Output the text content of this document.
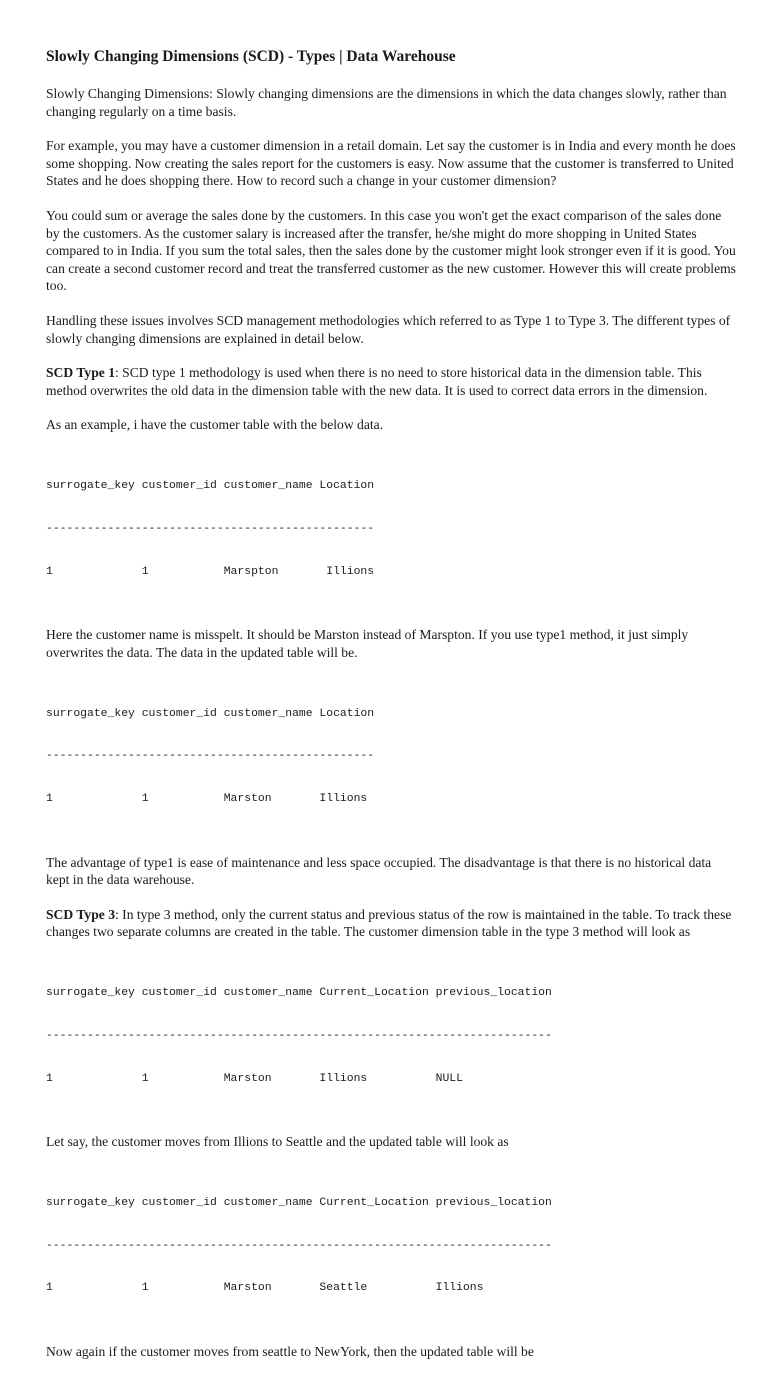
Slowly Changing Dimensions (SCD) - Types | Data Warehouse

Slowly Changing Dimensions: Slowly changing dimensions are the dimensions in which the data changes slowly, rather than changing regularly on a time basis.

For example, you may have a customer dimension in a retail domain. Let say the customer is in India and every month he does some shopping. Now creating the sales report for the customers is easy. Now assume that the customer is transferred to United States and he does shopping there. How to record such a change in your customer dimension?

You could sum or average the sales done by the customers. In this case you won't get the exact comparison of the sales done by the customers. As the customer salary is increased after the transfer, he/she might do more shopping in United States compared to in India. If you sum the total sales, then the sales done by the customer might look stronger even if it is good. You can create a second customer record and treat the transferred customer as the new customer. However this will create problems too.

Handling these issues involves SCD management methodologies which referred to as Type 1 to Type 3. The different types of slowly changing dimensions are explained in detail below.

SCD Type 1: SCD type 1 methodology is used when there is no need to store historical data in the dimension table. This method overwrites the old data in the dimension table with the new data. It is used to correct data errors in the dimension.

As an example, i have the customer table with the below data.

surrogate_key customer_id customer_name Location

------------------------------------------------

1             1           Marspton       Illions

Here the customer name is misspelt. It should be Marston instead of Marspton. If you use type1 method, it just simply overwrites the data. The data in the updated table will be.

surrogate_key customer_id customer_name Location

------------------------------------------------

1             1           Marston       Illions

The advantage of type1 is ease of maintenance and less space occupied. The disadvantage is that there is no historical data kept in the data warehouse.

SCD Type 3: In type 3 method, only the current status and previous status of the row is maintained in the table. To track these changes two separate columns are created in the table. The customer dimension table in the type 3 method will look as

surrogate_key customer_id customer_name Current_Location previous_location

--------------------------------------------------------------------------

1             1           Marston       Illions          NULL

Let say, the customer moves from Illions to Seattle and the updated table will look as

surrogate_key customer_id customer_name Current_Location previous_location

--------------------------------------------------------------------------

1             1           Marston       Seattle          Illions

Now again if the customer moves from seattle to NewYork, then the updated table will be
